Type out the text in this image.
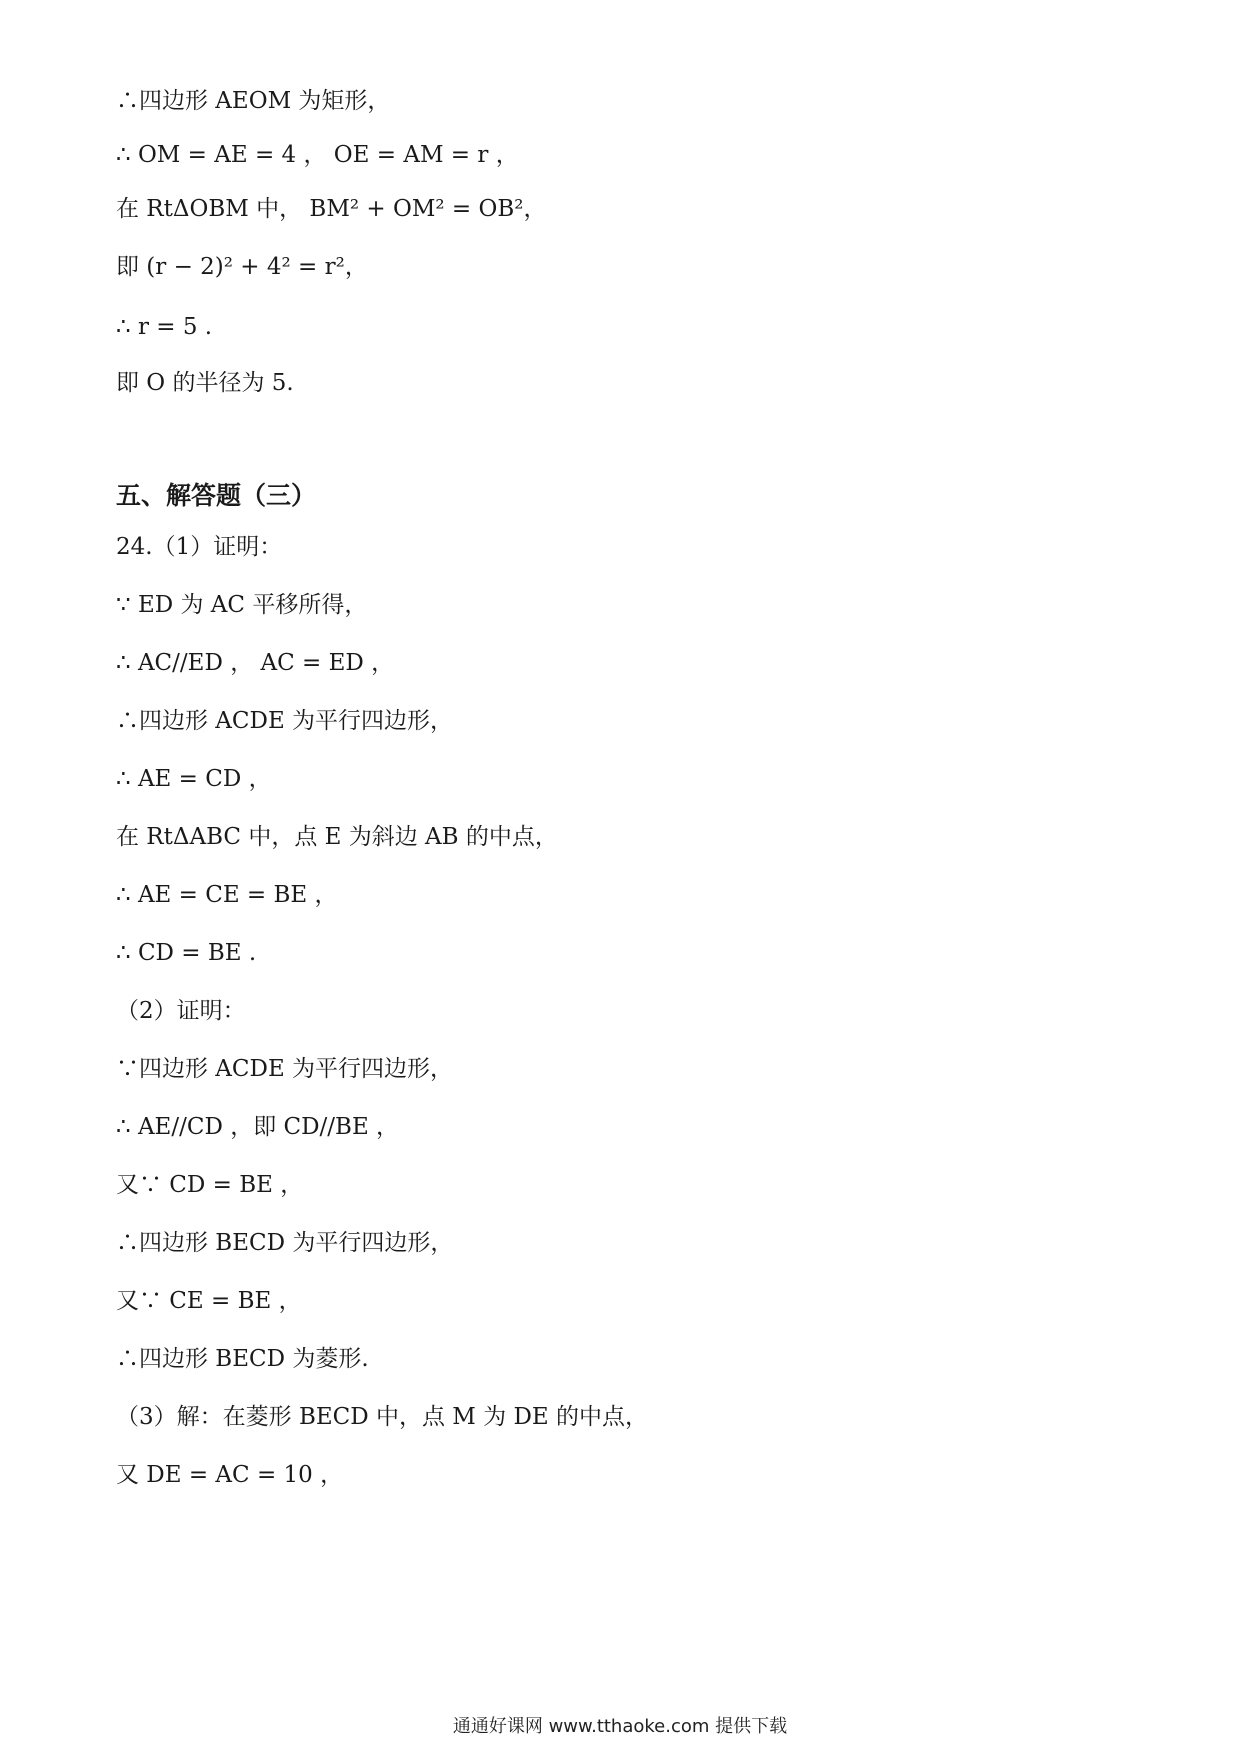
∴四边形 AEOM 为矩形，
∴ OM = AE = 4 ， OE = AM = r ，
在 RtΔOBM 中， BM² + OM² = OB²，
即 (r − 2)² + 4² = r²，
∴ r = 5 .
即 O 的半径为 5.
五、解答题（三）
24.（1）证明：
∵ ED 为 AC 平移所得，
∴ AC//ED ， AC = ED ，
∴四边形 ACDE 为平行四边形，
∴ AE = CD ，
在 RtΔABC 中，点 E 为斜边 AB 的中点，
∴ AE = CE = BE ，
∴ CD = BE .
（2）证明：
∵四边形 ACDE 为平行四边形，
∴ AE//CD ，即 CD//BE ，
又∵ CD = BE ，
∴四边形 BECD 为平行四边形，
又∵ CE = BE ，
∴四边形 BECD 为菱形.
（3）解：在菱形 BECD 中，点 M 为 DE 的中点，
又 DE = AC = 10 ，
通通好课网 www.tthaoke.com 提供下载
